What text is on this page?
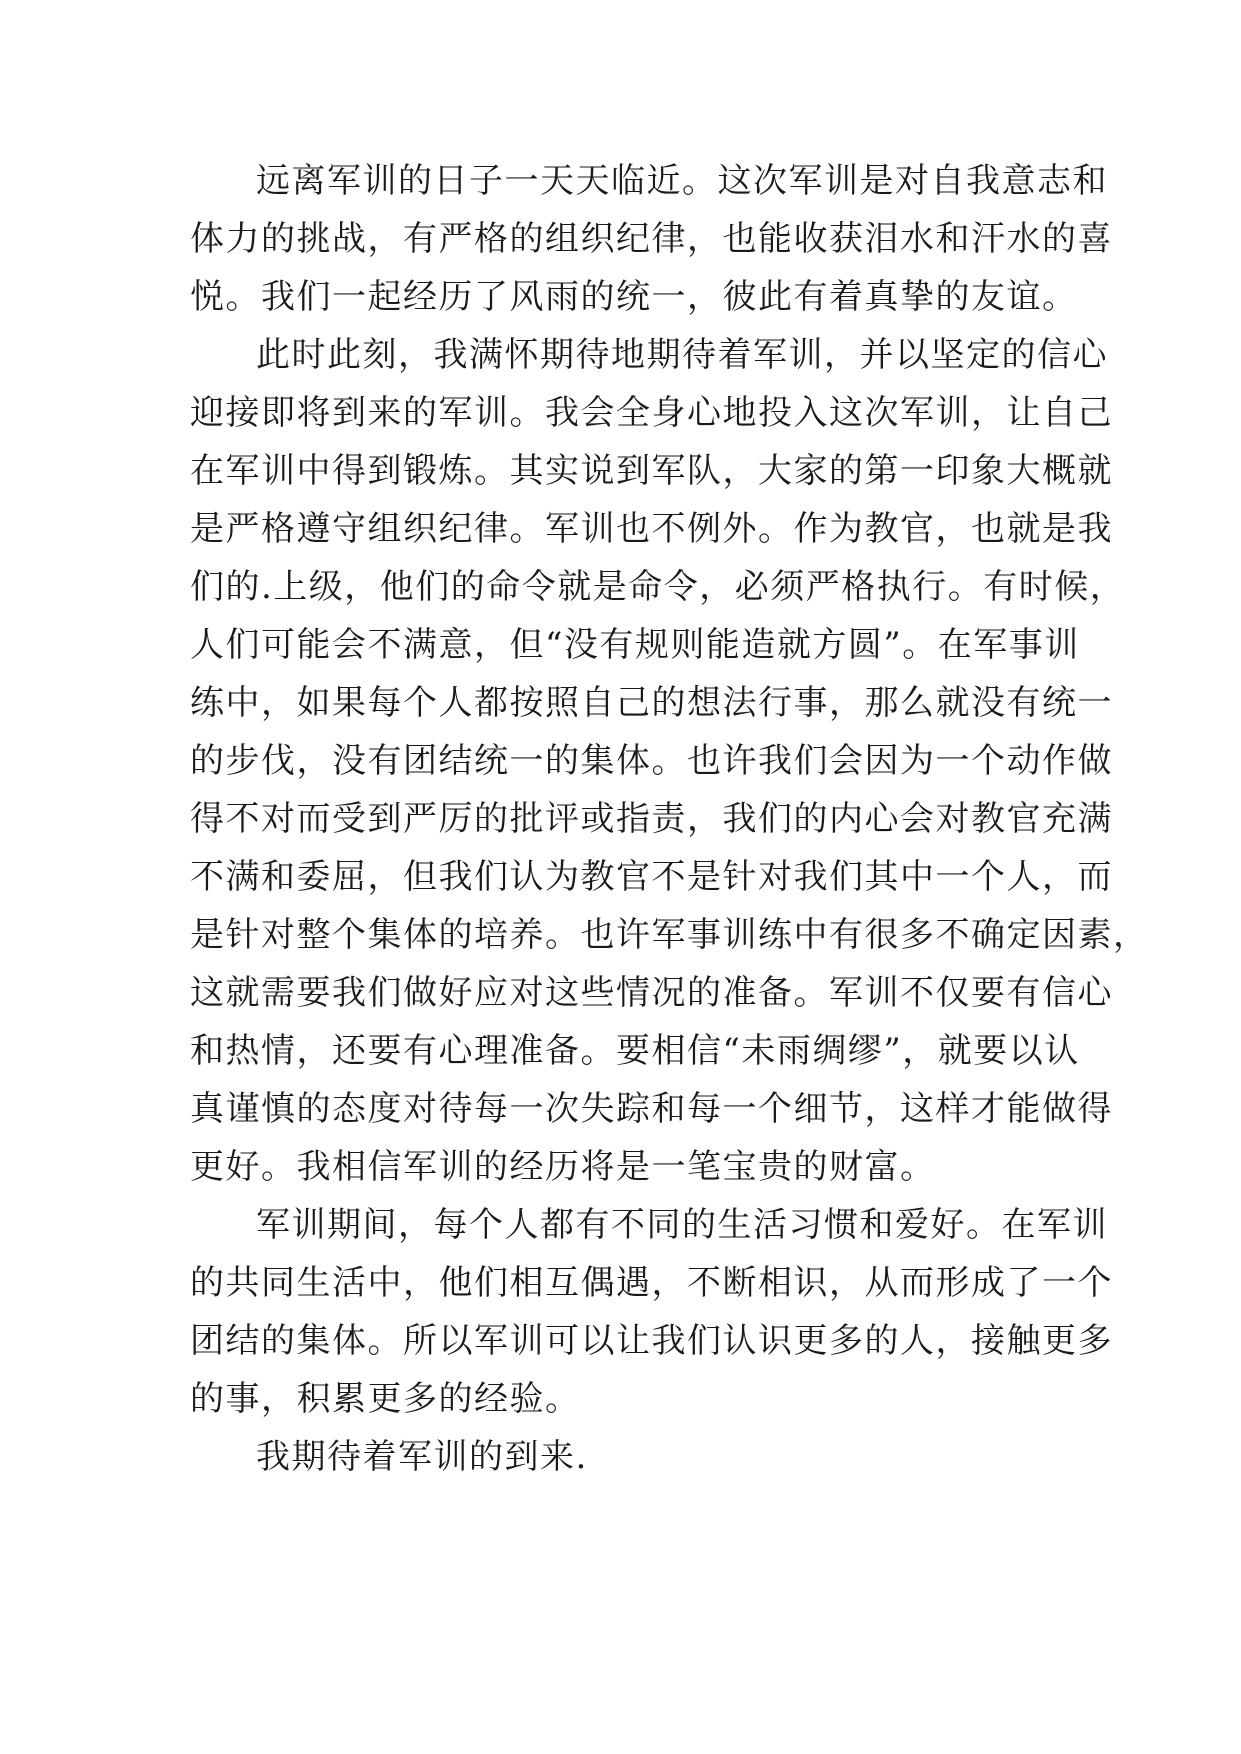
远离军训的日子一天天临近。这次军训是对自我意志和
体力的挑战，有严格的组织纪律，也能收获泪水和汗水的喜
悦。我们一起经历了风雨的统一，彼此有着真挚的友谊。
此时此刻，我满怀期待地期待着军训，并以坚定的信心
迎接即将到来的军训。我会全身心地投入这次军训，让自己
在军训中得到锻炼。其实说到军队，大家的第一印象大概就
是严格遵守组织纪律。军训也不例外。作为教官，也就是我
们的.上级，他们的命令就是命令，必须严格执行。有时候，
人们可能会不满意，但“没有规则能造就方圆”。在军事训
练中，如果每个人都按照自己的想法行事，那么就没有统一
的步伐，没有团结统一的集体。也许我们会因为一个动作做
得不对而受到严厉的批评或指责，我们的内心会对教官充满
不满和委屈，但我们认为教官不是针对我们其中一个人，而
是针对整个集体的培养。也许军事训练中有很多不确定因素，
这就需要我们做好应对这些情况的准备。军训不仅要有信心
和热情，还要有心理准备。要相信“未雨绸缪”，就要以认
真谨慎的态度对待每一次失踪和每一个细节，这样才能做得
更好。我相信军训的经历将是一笔宝贵的财富。
军训期间，每个人都有不同的生活习惯和爱好。在军训
的共同生活中，他们相互偶遇，不断相识，从而形成了一个
团结的集体。所以军训可以让我们认识更多的人，接触更多
的事，积累更多的经验。
我期待着军训的到来.
